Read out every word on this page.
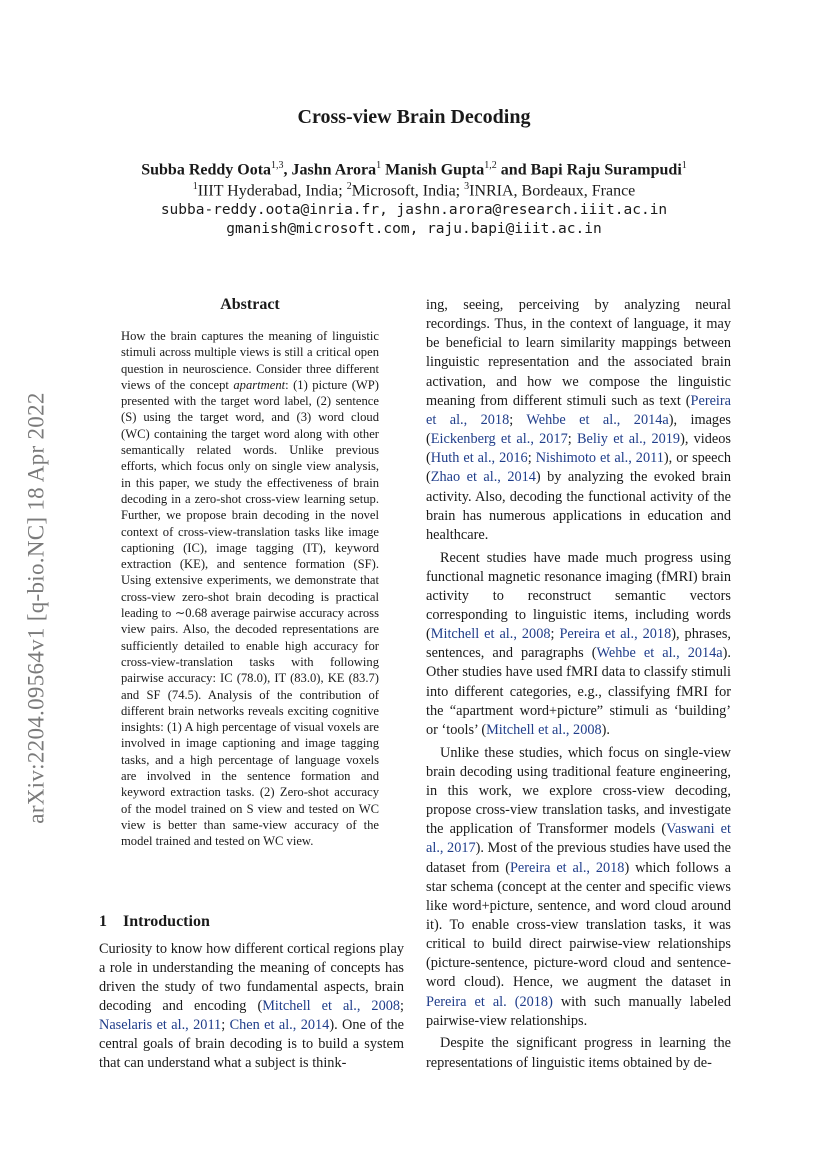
arXiv:2204.09564v1 [q-bio.NC] 18 Apr 2022
Cross-view Brain Decoding
Subba Reddy Oota$^{1,3}$, Jashn Arora$^1$ Manish Gupta$^{1,2}$ and Bapi Raju Surampudi$^1$
$^1$IIIT Hyderabad, India; $^2$Microsoft, India; $^3$INRIA, Bordeaux, France
subba-reddy.oota@inria.fr, jashn.arora@research.iiit.ac.in
gmanish@microsoft.com, raju.bapi@iiit.ac.in
Abstract
How the brain captures the meaning of linguistic stimuli across multiple views is still a critical open question in neuroscience. Consider three different views of the concept apartment: (1) picture (WP) presented with the target word label, (2) sentence (S) using the target word, and (3) word cloud (WC) containing the target word along with other semantically related words. Unlike previous efforts, which focus only on single view analysis, in this paper, we study the effectiveness of brain decoding in a zero-shot cross-view learning setup. Further, we propose brain decoding in the novel context of cross-view-translation tasks like image captioning (IC), image tagging (IT), keyword extraction (KE), and sentence formation (SF). Using extensive experiments, we demonstrate that cross-view zero-shot brain decoding is practical leading to ∼0.68 average pairwise accuracy across view pairs. Also, the decoded representations are sufficiently detailed to enable high accuracy for cross-view-translation tasks with following pairwise accuracy: IC (78.0), IT (83.0), KE (83.7) and SF (74.5). Analysis of the contribution of different brain networks reveals exciting cognitive insights: (1) A high percentage of visual voxels are involved in image captioning and image tagging tasks, and a high percentage of language voxels are involved in the sentence formation and keyword extraction tasks. (2) Zero-shot accuracy of the model trained on S view and tested on WC view is better than same-view accuracy of the model trained and tested on WC view.
1 Introduction
Curiosity to know how different cortical regions play a role in understanding the meaning of concepts has driven the study of two fundamental aspects, brain decoding and encoding (Mitchell et al., 2008; Naselaris et al., 2011; Chen et al., 2014). One of the central goals of brain decoding is to build a system that can understand what a subject is think-

ing, seeing, perceiving by analyzing neural recordings. Thus, in the context of language, it may be beneficial to learn similarity mappings between linguistic representation and the associated brain activation, and how we compose the linguistic meaning from different stimuli such as text (Pereira et al., 2018; Wehbe et al., 2014a), images (Eickenberg et al., 2017; Beliy et al., 2019), videos (Huth et al., 2016; Nishimoto et al., 2011), or speech (Zhao et al., 2014) by analyzing the evoked brain activity. Also, decoding the functional activity of the brain has numerous applications in education and healthcare.

Recent studies have made much progress using functional magnetic resonance imaging (fMRI) brain activity to reconstruct semantic vectors corresponding to linguistic items, including words (Mitchell et al., 2008; Pereira et al., 2018), phrases, sentences, and paragraphs (Wehbe et al., 2014a). Other studies have used fMRI data to classify stimuli into different categories, e.g., classifying fMRI for the “apartment word+picture” stimuli as ‘building’ or ‘tools’ (Mitchell et al., 2008).

Unlike these studies, which focus on single-view brain decoding using traditional feature engineering, in this work, we explore cross-view decoding, propose cross-view translation tasks, and investigate the application of Transformer models (Vaswani et al., 2017). Most of the previous studies have used the dataset from (Pereira et al., 2018) which follows a star schema (concept at the center and specific views like word+picture, sentence, and word cloud around it). To enable cross-view translation tasks, it was critical to build direct pairwise-view relationships (picture-sentence, picture-word cloud and sentence-word cloud). Hence, we augment the dataset in Pereira et al. (2018) with such manually labeled pairwise-view relationships.

Despite the significant progress in learning the representations of linguistic items obtained by de-
